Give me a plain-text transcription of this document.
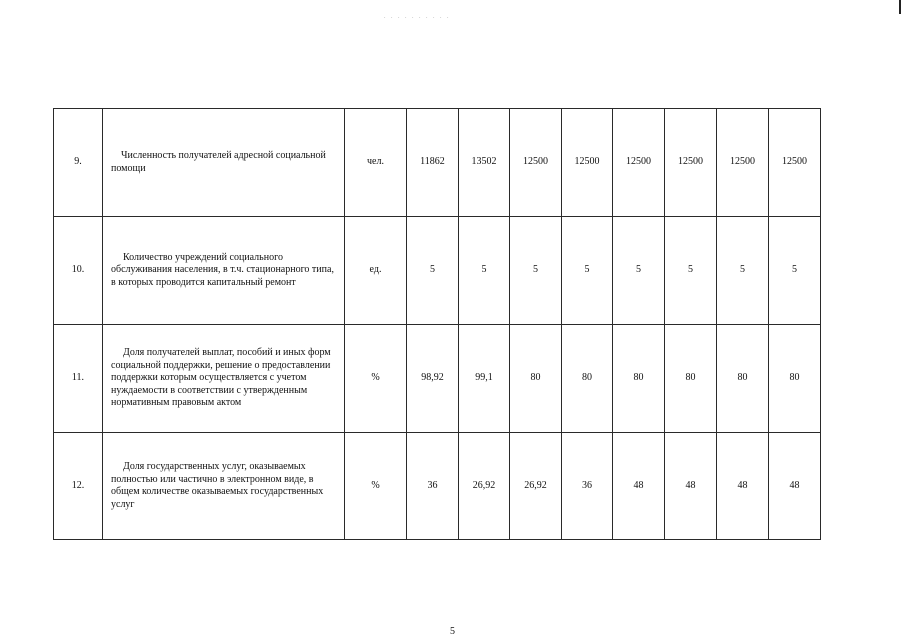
. . . . . . . . . .
9.	Численность получателей адресной социальной помощи	чел.	11862	13502	12500	12500	12500	12500	12500	12500
10.	Количество учреждений социального обслуживания населения, в т.ч. стационарного типа, в которых проводится капитальный ремонт	ед.	5	5	5	5	5	5	5	5
11.	Доля получателей выплат, пособий и иных форм социальной поддержки, решение о предоставлении поддержки которым осуществляется с учетом нуждаемости в соответствии с утвержденным нормативным правовым актом	%	98,92	99,1	80	80	80	80	80	80
12.	Доля государственных услуг, оказываемых полностью или частично в электронном виде, в общем количестве оказываемых государственных услуг	%	36	26,92	26,92	36	48	48	48	48
5
